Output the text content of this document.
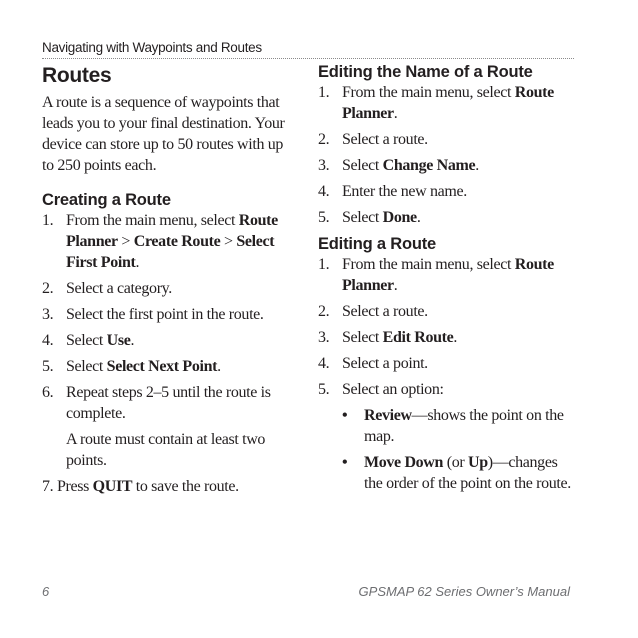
Navigating with Waypoints and Routes
Routes

A route is a sequence of waypoints that leads you to your final destination. Your device can store up to 50 routes with up to 250 points each.

Creating a Route
1. From the main menu, select Route Planner > Create Route > Select First Point.
2. Select a category.
3. Select the first point in the route.
4. Select Use.
5. Select Select Next Point.
6. Repeat steps 2–5 until the route is complete.

A route must contain at least two points.

7. Press QUIT to save the route.

Editing the Name of a Route
1. From the main menu, select Route Planner.
2. Select a route.
3. Select Change Name.
4. Enter the new name.
5. Select Done.
Editing a Route
1. From the main menu, select Route Planner.
2. Select a route.
3. Select Edit Route.
4. Select a point.
5. Select an option:
• Review—shows the point on the map.
• Move Down (or Up)—changes the order of the point on the route.
6	GPSMAP 62 Series Owner’s Manual
